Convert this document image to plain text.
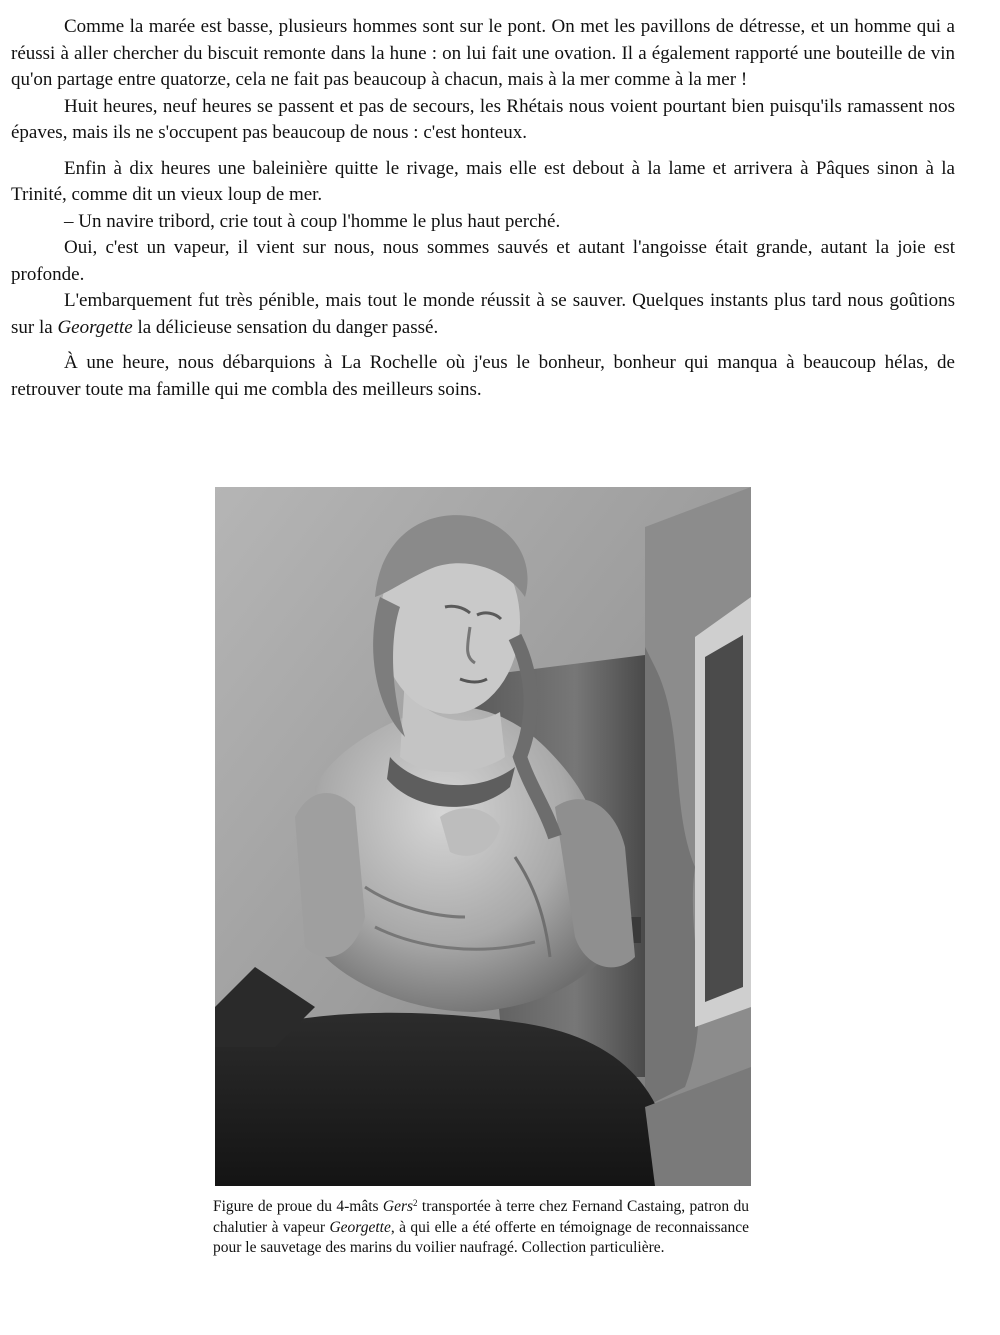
Comme la marée est basse, plusieurs hommes sont sur le pont. On met les pavillons de détresse, et un homme qui a réussi à aller chercher du biscuit remonte dans la hune : on lui fait une ovation. Il a également rapporté une bouteille de vin qu'on partage entre quatorze, cela ne fait pas beaucoup à chacun, mais à la mer comme à la mer !

Huit heures, neuf heures se passent et pas de secours, les Rhétais nous voient pourtant bien puisqu'ils ramassent nos épaves, mais ils ne s'occupent pas beaucoup de nous : c'est honteux.

Enfin à dix heures une baleinière quitte le rivage, mais elle est debout à la lame et arrivera à Pâques sinon à la Trinité, comme dit un vieux loup de mer.

– Un navire tribord, crie tout à coup l'homme le plus haut perché.

Oui, c'est un vapeur, il vient sur nous, nous sommes sauvés et autant l'angoisse était grande, autant la joie est profonde.

L'embarquement fut très pénible, mais tout le monde réussit à se sauver. Quelques instants plus tard nous goûtions sur la Georgette la délicieuse sensation du danger passé.

À une heure, nous débarquions à La Rochelle où j'eus le bonheur, bonheur qui manqua à beaucoup hélas, de retrouver toute ma famille qui me combla des meilleurs soins.

Figure de proue du 4-mâts Gers$^2$ transportée à terre chez Fernand Castaing, patron du chalutier à vapeur Georgette, à qui elle a été offerte en témoignage de reconnaissance pour le sauvetage des marins du voilier naufragé. Collection particulière.
